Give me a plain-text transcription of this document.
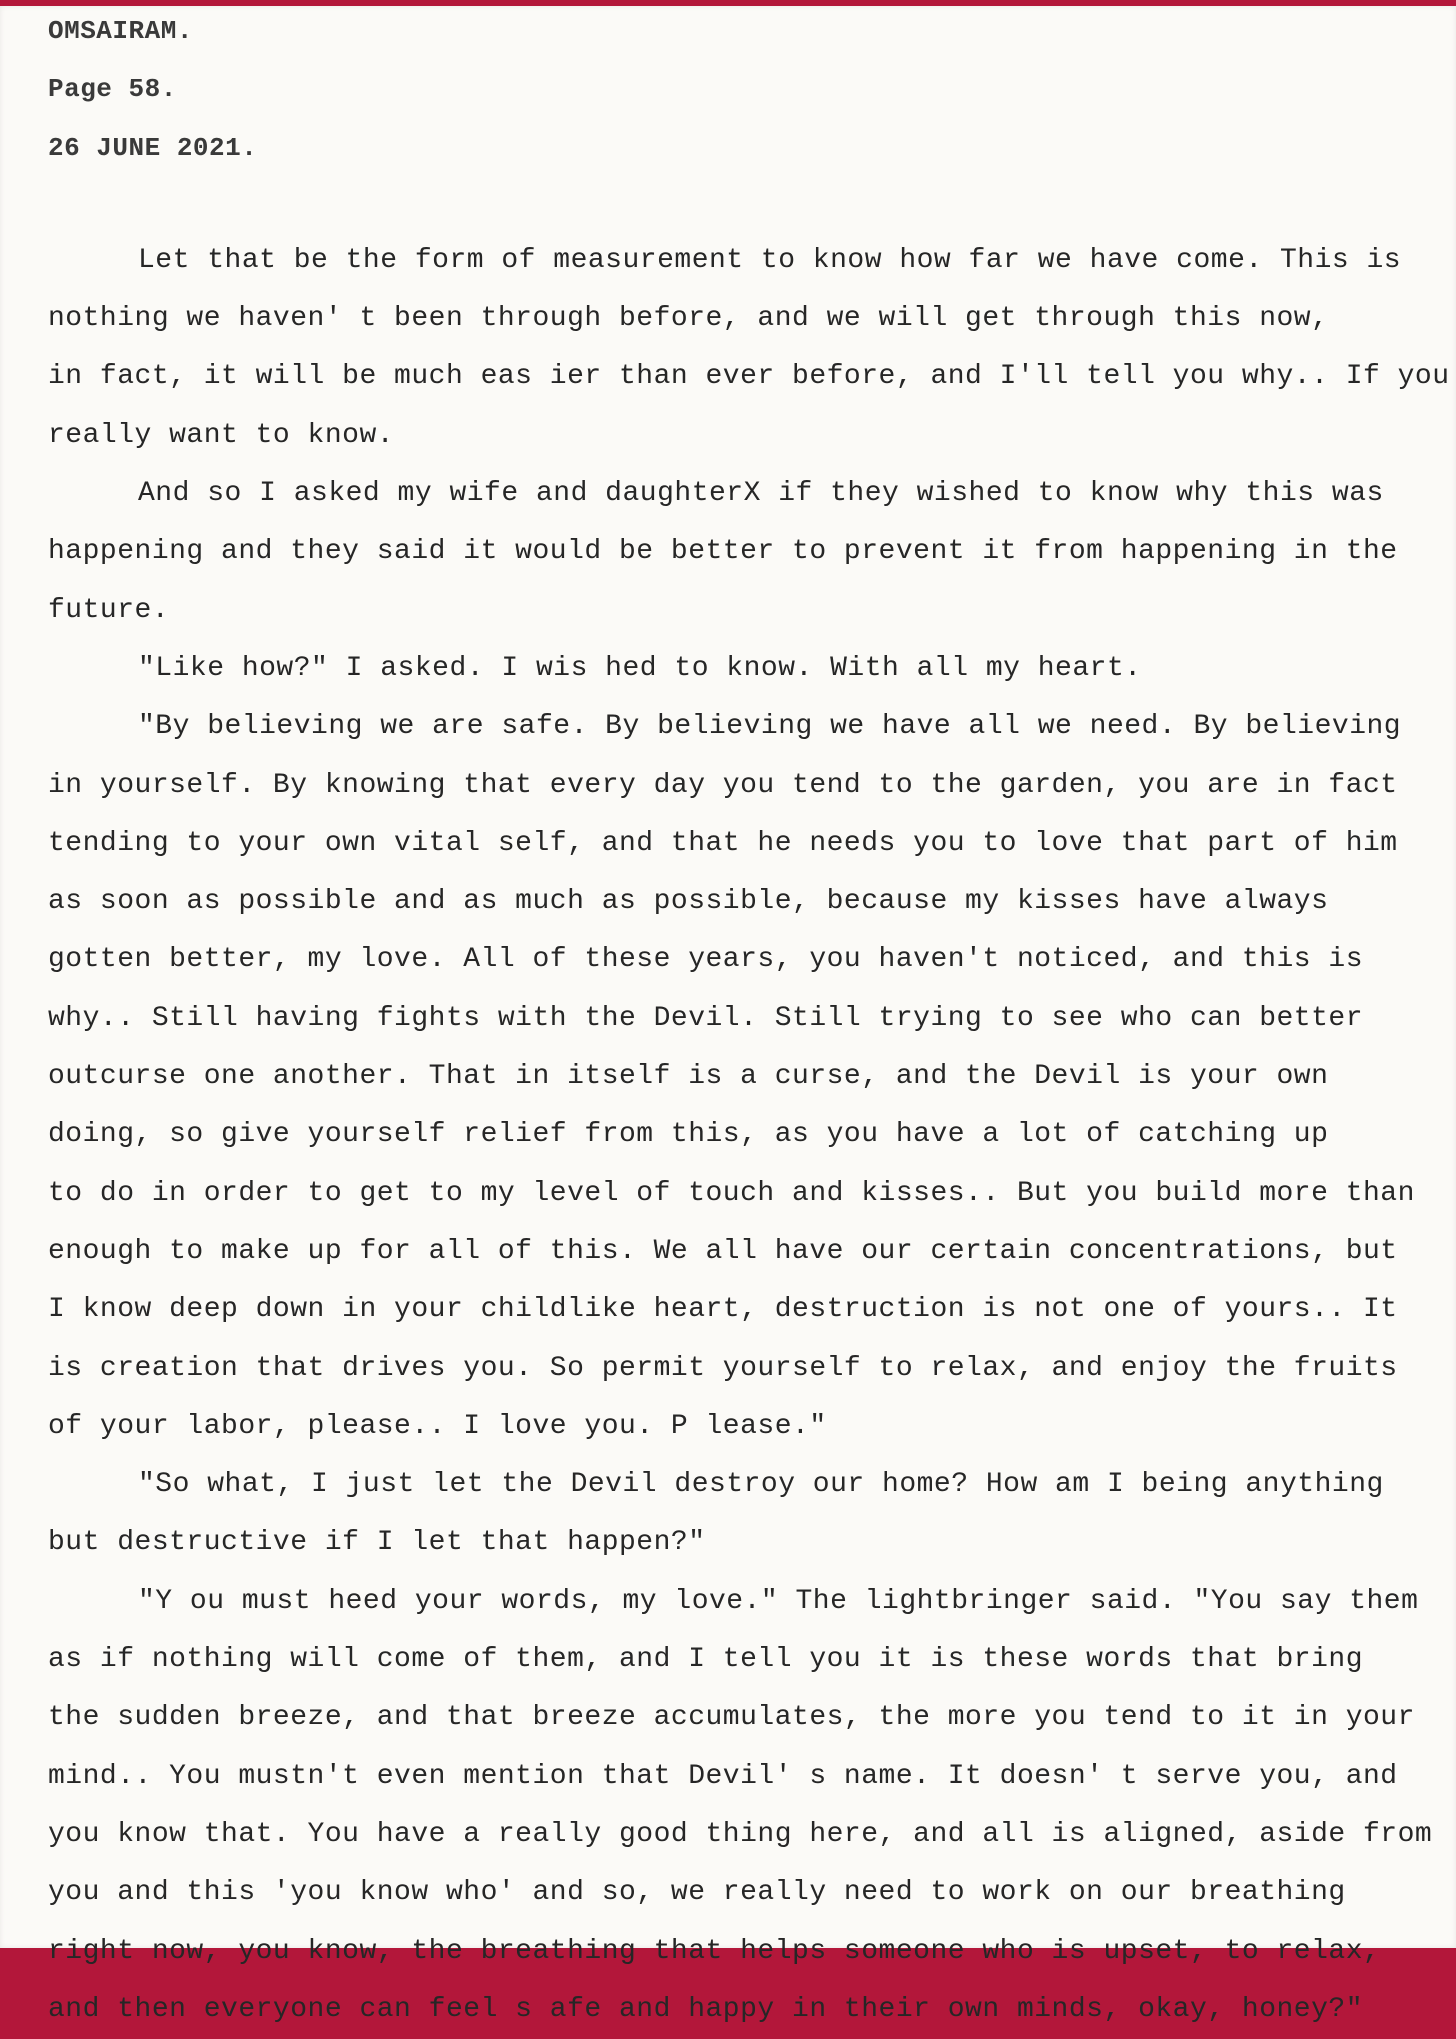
OMSAIRAM.
Page 58.
26 JUNE 2021.
Let that be the form of measurement to know how far we have come. This is
nothing we haven' t been through before, and we will get through this now,
in fact, it will be much eas ier than ever before, and I'll tell you why.. If you
really want to know.
And so I asked my wife and daughterX if they wished to know why this was
happening and they said it would be better to prevent it from happening in the
future.
"Like how?" I asked. I wis hed to know. With all my heart.
"By believing we are safe. By believing we have all we need. By believing
in yourself. By knowing that every day you tend to the garden, you are in fact
tending to your own vital self, and that he needs you to love that part of him
as soon as possible and as much as possible, because my kisses have always
gotten better, my love. All of these years, you haven't noticed, and this is
why.. Still having fights with the Devil. Still trying to see who can better
outcurse one another. That in itself is a curse, and the Devil is your own
doing, so give yourself relief from this, as you have a lot of catching up
to do in order to get to my level of touch and kisses.. But you build more than
enough to make up for all of this. We all have our certain concentrations, but
I know deep down in your childlike heart, destruction is not one of yours.. It
is creation that drives you. So permit yourself to relax, and enjoy the fruits
of your labor, please.. I love you. P lease."
"So what, I just let the Devil destroy our home? How am I being anything
but destructive if I let that happen?"
"Y ou must heed your words, my love." The lightbringer said. "You say them
as if nothing will come of them, and I tell you it is these words that bring
the sudden breeze, and that breeze accumulates, the more you tend to it in your
mind.. You mustn't even mention that Devil' s name. It doesn' t serve you, and
you know that. You have a really good thing here, and all is aligned, aside from
you and this 'you know who' and so, we really need to work on our breathing
right now, you know, the breathing that helps someone who is upset, to relax,
and then everyone can feel s afe and happy in their own minds, okay, honey?"
